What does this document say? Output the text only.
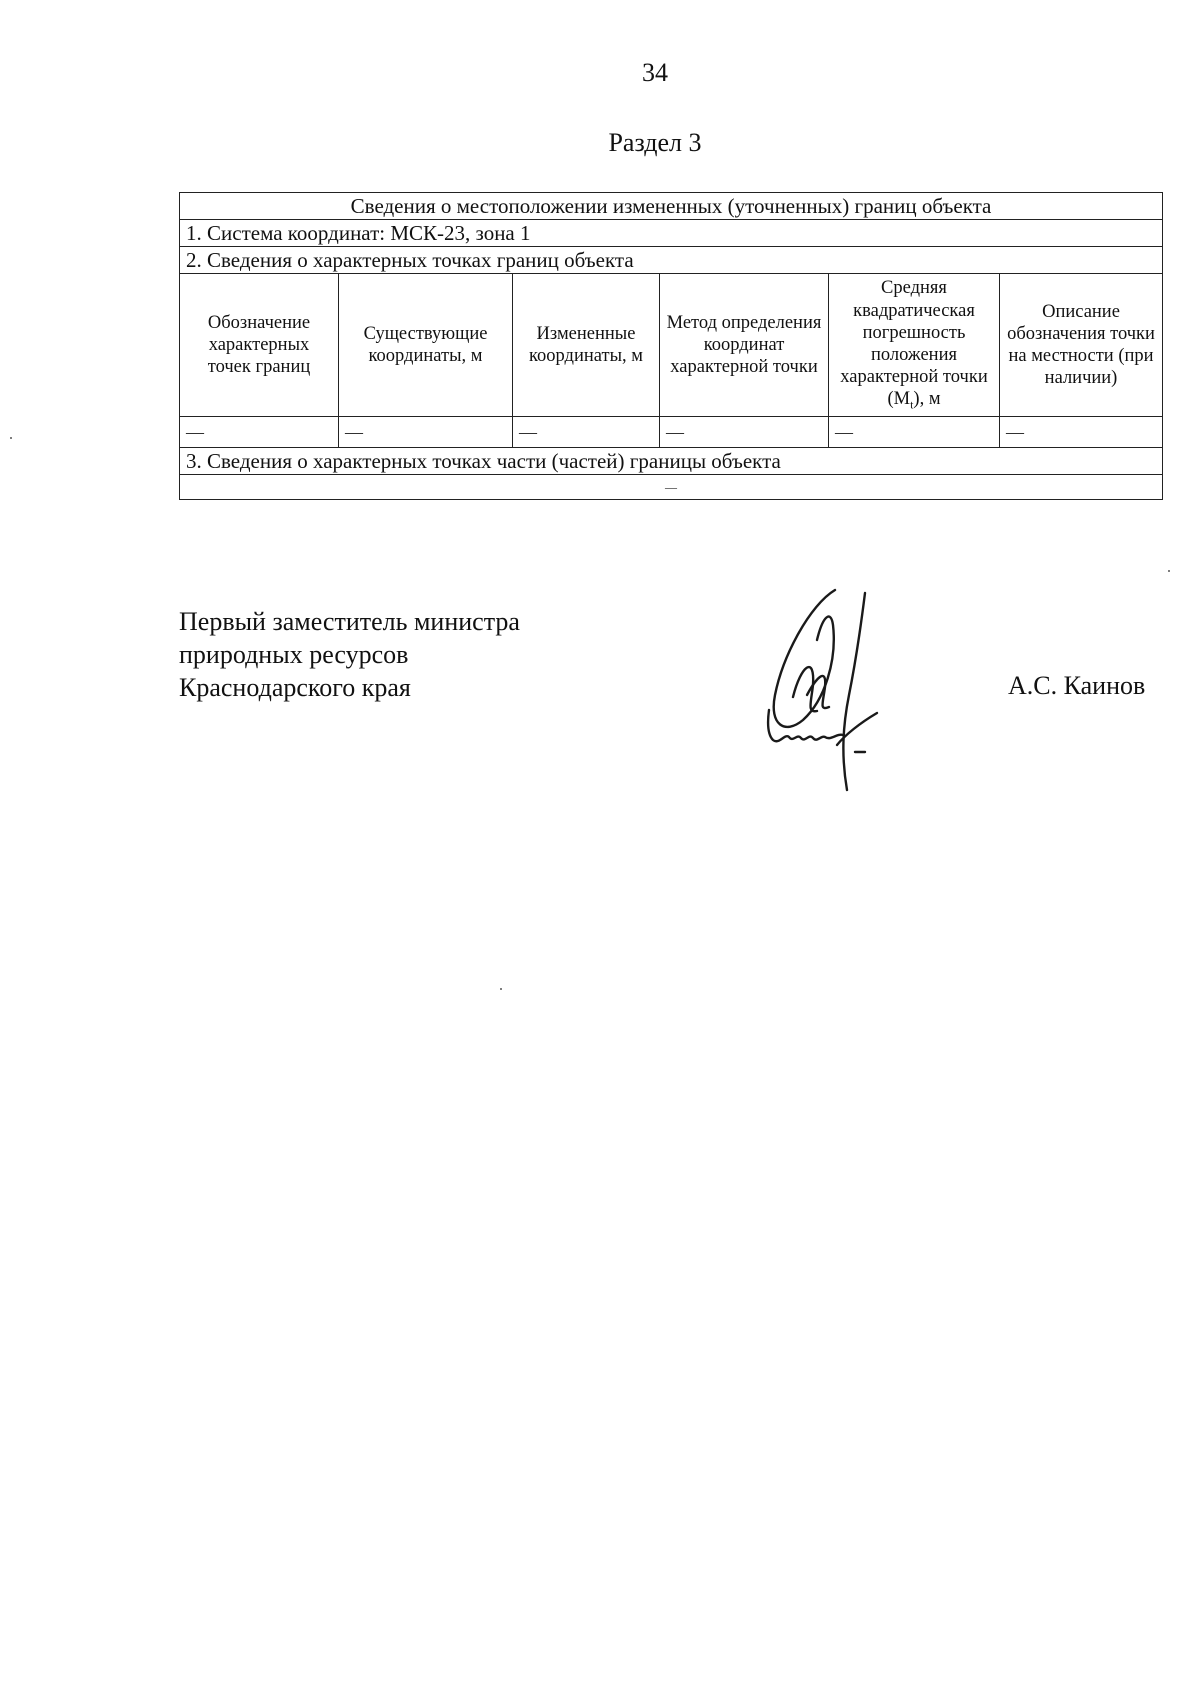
34
Раздел 3
Сведения о местоположении измененных (уточненных) границ объекта					
1. Система координат: МСК-23, зона 1					
2. Сведения о характерных точках границ объекта					
Обозначение характерных точек границ	Существующие координаты, м	Измененные координаты, м	Метод определения координат характерной точки	Средняя квадратическая погрешность положения характерной точки $(M_t)$, м	Описание обозначения точки на местности (при наличии)
—	—	—	—	—	—
3. Сведения о характерных точках части (частей) границы объекта					
—					
Первый заместитель министра
природных ресурсов
Краснодарского края	А.С. Каинов
